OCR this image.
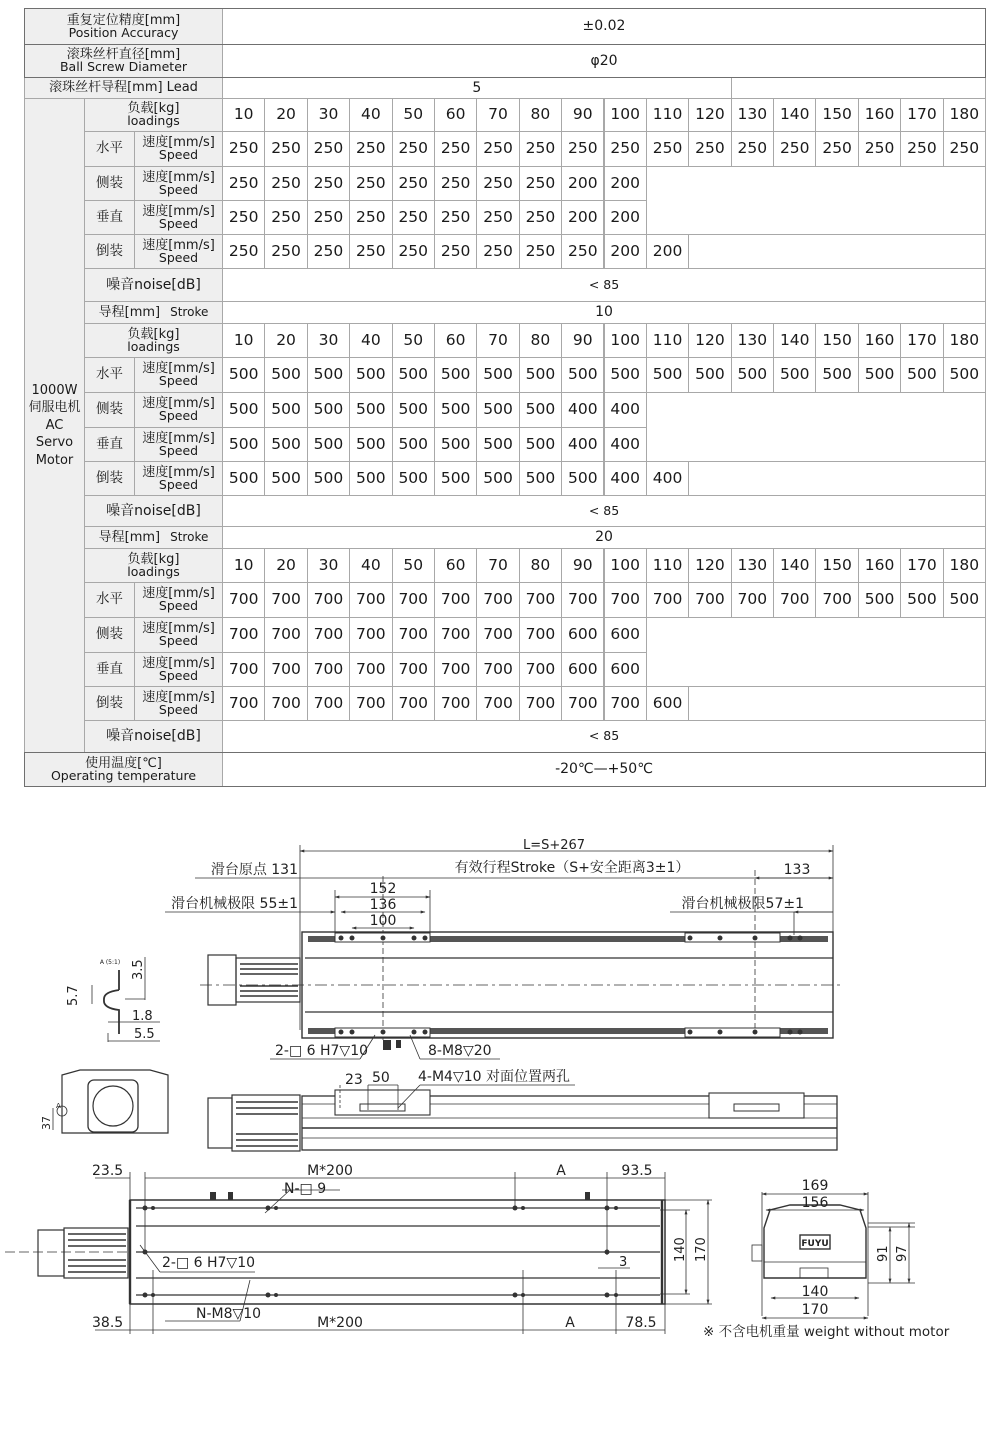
重复定位精度[mm]
Position Accuracy	±0.02
滚珠丝杆直径[mm]
Ball Screw Diameter	φ20
1000W
伺服电机
AC
Servo
Motor
滚珠丝杆导程[mm] Lead	5
负载[kg]
loadings	10	20	30	40	50	60	70	80	90	100 110 120 130 140 150 160 170 180
水平	速度[mm/s]
Speed	250 250 250 250 250 250 250 250 250 250 250 250 250 250 250 250 250 250
侧装	速度[mm/s]
Speed	250 250 250 250 250 250 250 250 200 200
垂直	速度[mm/s]
Speed	250 250 250 250 250 250 250 250 200 200
倒装	速度[mm/s]
Speed	250 250 250 250 250 250 250 250 250 200 200
噪音noise[dB]	< 85
导程[mm] Stroke	10
负载[kg]
loadings	10	20	30	40	50	60	70	80	90	100 110 120 130 140 150 160 170 180
水平	速度[mm/s]
Speed	500 500 500 500 500 500 500 500 500 500 500 500 500 500 500 500 500 500
侧装	速度[mm/s]
Speed	500 500 500 500 500 500 500 500 400 400
垂直	速度[mm/s]
Speed	500 500 500 500 500 500 500 500 400 400
倒装	速度[mm/s]
Speed	500 500 500 500 500 500 500 500 500 400 400
噪音noise[dB]	< 85
导程[mm] Stroke	20
负载[kg]
loadings	10	20	30	40	50	60	70	80	90	100 110 120 130 140 150 160 170 180
水平	速度[mm/s]
Speed	700 700 700 700 700 700 700 700 700 700 700 700 700 700 700 500 500 500
侧装	速度[mm/s]
Speed	700 700 700 700 700 700 700 700 600 600
垂直	速度[mm/s]
Speed	700 700 700 700 700 700 700 700 600 600
倒装	速度[mm/s]
Speed	700 700 700 700 700 700 700 700 700 700 600
噪音noise[dB]	< 85
使用温度[℃]
Operating temperature	-20℃—+50℃
L=S+267
滑台原点 131	有效行程Stroke（S+安全距离3±1）	133
滑台机械极限 55±1	滑台机械极限57±1
152
136
100
A (5:1) 3.5
5.7
1.8
5.5
37
A
2-□ 6 H7▽10	8-M8▽20
23 50 4-M4▽10 对面位置两孔
23.5	M*200	A	93.5
N-□ 9
2-□ 6 H7▽10	3
140 170
38.5
N-M8▽10
M*200	A	78.5
169
156
91 97
140
170
FUYU
※ 不含电机重量 weight without motor
